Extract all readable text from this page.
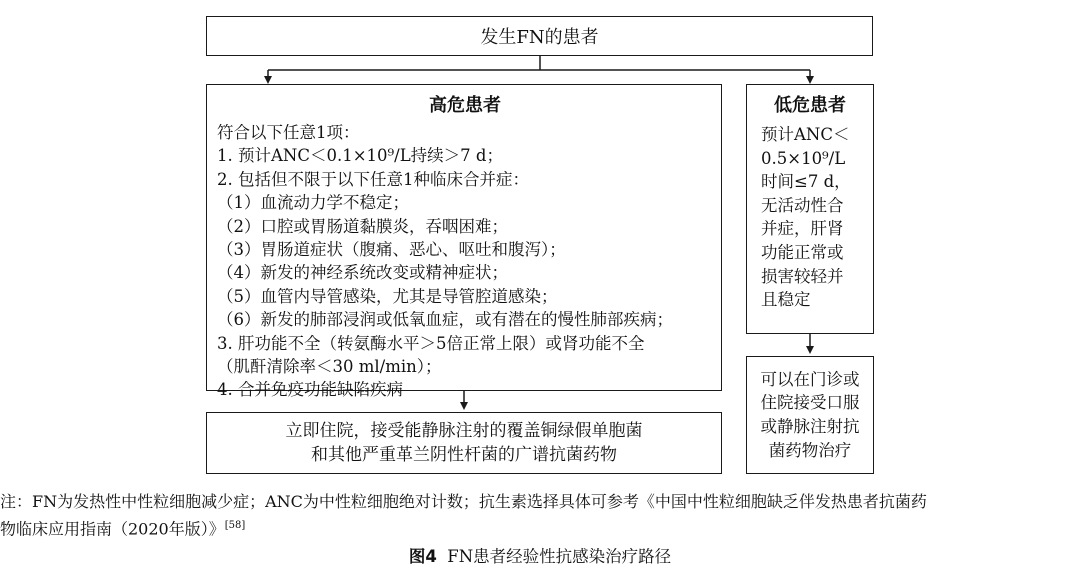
发生FN的患者
高危患者
符合以下任意1项：
1. 预计ANC＜0.1×10⁹/L持续＞7 d；
2. 包括但不限于以下任意1种临床合并症：
（1）血流动力学不稳定；
（2）口腔或胃肠道黏膜炎，吞咽困难；
（3）胃肠道症状（腹痛、恶心、呕吐和腹泻）；
（4）新发的神经系统改变或精神症状；
（5）血管内导管感染，尤其是导管腔道感染；
（6）新发的肺部浸润或低氧血症，或有潜在的慢性肺部疾病；
3. 肝功能不全（转氨酶水平＞5倍正常上限）或肾功能不全
（肌酐清除率＜30 ml/min）；
4. 合并免疫功能缺陷疾病
低危患者
预计ANC＜
0.5×10⁹/L
时间≤7 d，
无活动性合
并症，肝肾
功能正常或
损害较轻并
且稳定
立即住院，接受能静脉注射的覆盖铜绿假单胞菌
和其他严重革兰阴性杆菌的广谱抗菌药物
可以在门诊或
住院接受口服
或静脉注射抗
菌药物治疗
注：FN为发热性中性粒细胞减少症；ANC为中性粒细胞绝对计数；抗生素选择具体可参考《中国中性粒细胞缺乏伴发热患者抗菌药
物临床应用指南（2020年版）》[58]
图4 FN患者经验性抗感染治疗路径
